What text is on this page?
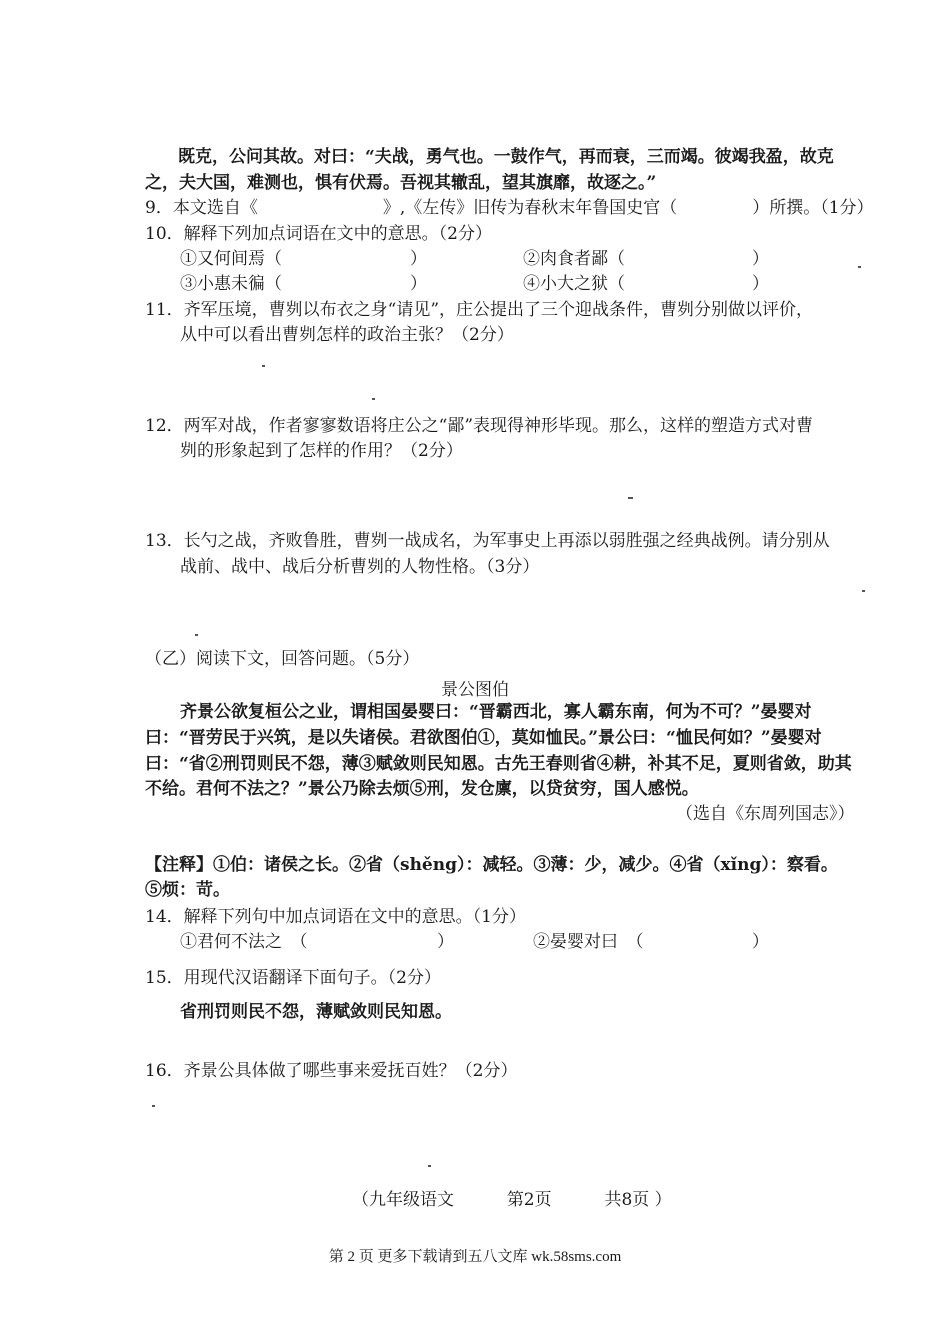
既克，公问其故。对曰：“夫战，勇气也。一鼓作气，再而衰，三而竭。彼竭我盈，故克
之，夫大国，难测也，惧有伏焉。吾视其辙乱，望其旗靡，故逐之。”
9．本文选自《	》,《左传》旧传为春秋末年鲁国史官（	）所撰。（1分）
10．解释下列加点词语在文中的意思。（2分）
①又何间焉（	）	②肉食者鄙（	）
③小惠未徧（	）	④小大之狱（	）
11．齐军压境，曹刿以布衣之身“请见”，庄公提出了三个迎战条件，曹刿分别做以评价，
从中可以看出曹刿怎样的政治主张？（2分）
12．两军对战，作者寥寥数语将庄公之“鄙”表现得神形毕现。那么，这样的塑造方式对曹
刿的形象起到了怎样的作用？（2分）
13．长勺之战，齐败鲁胜，曹刿一战成名，为军事史上再添以弱胜强之经典战例。请分别从
战前、战中、战后分析曹刿的人物性格。（3分）
（乙）阅读下文，回答问题。（5分）
景公图伯
齐景公欲复桓公之业，谓相国晏婴曰：“晋霸西北，寡人霸东南，何为不可？”晏婴对
曰：“晋劳民于兴筑，是以失诸侯。君欲图伯①，莫如恤民。”景公曰：“恤民何如？”晏婴对
曰：“省②刑罚则民不怨，薄③赋敛则民知恩。古先王春则省④耕，补其不足，夏则省敛，助其
不给。君何不法之？”景公乃除去烦⑤刑，发仓廪，以贷贫穷，国人感悦。
（选自《东周列国志》）
【注释】①伯：诸侯之长。②省（shěng）：减轻。③薄：少，减少。④省（xǐng）：察看。
⑤烦：苛。
14．解释下列句中加点词语在文中的意思。（1分）
①君何不法之　（	）	②晏婴对曰　（	）
15．用现代汉语翻译下面句子。（2分）
省刑罚则民不怨，薄赋敛则民知恩。
16．齐景公具体做了哪些事来爱抚百姓？（2分）
（九年级语文	第2页	共8页 ）
第 2 页 更多下载请到五八文库 wk.58sms.com
